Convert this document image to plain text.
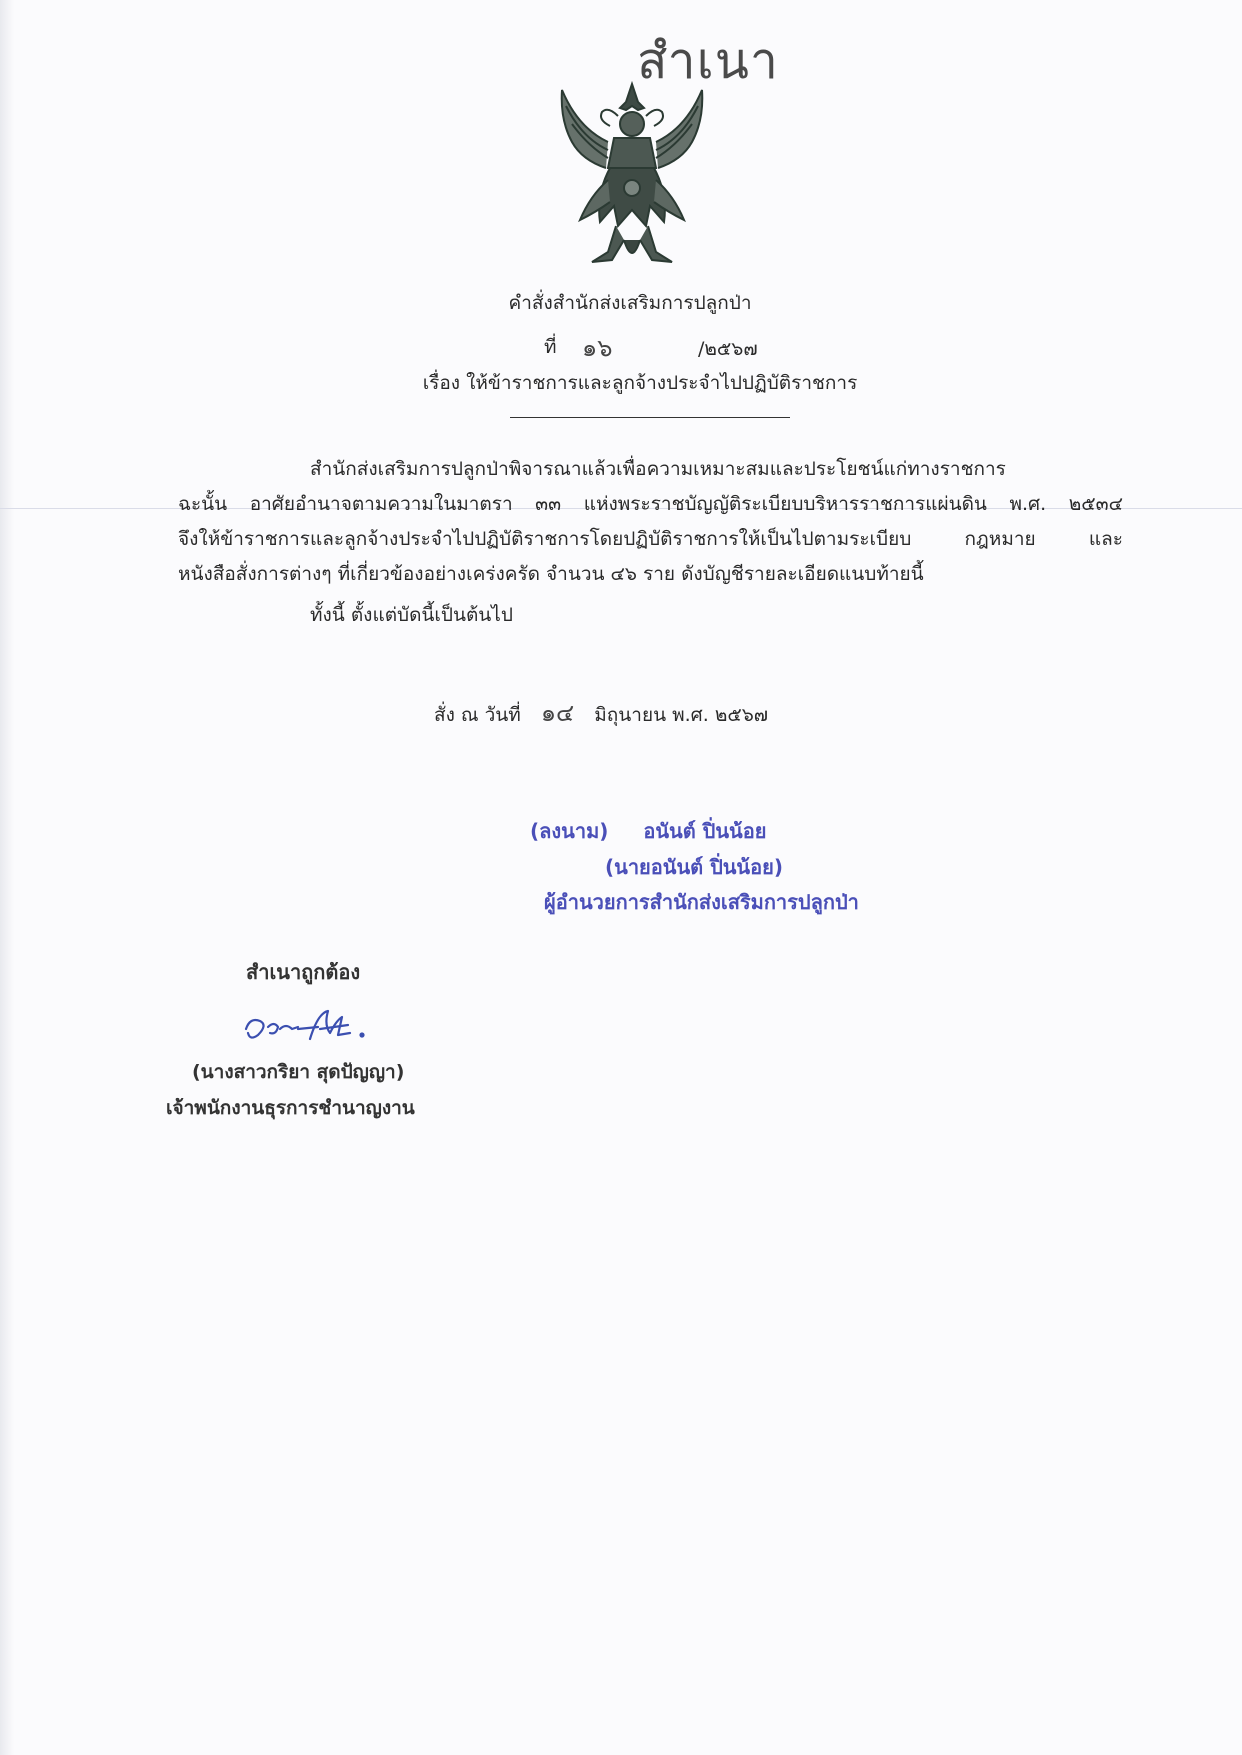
สำเนา
คำสั่งสำนักส่งเสริมการปลูกป่า
ที่ ๑๖	/๒๕๖๗
เรื่อง ให้ข้าราชการและลูกจ้างประจำไปปฏิบัติราชการ

สำนักส่งเสริมการปลูกป่าพิจารณาแล้วเพื่อความเหมาะสมและประโยชน์แก่ทางราชการ

ฉะนั้น อาศัยอำนาจตามความในมาตรา ๓๓ แห่งพระราชบัญญัติระเบียบบริหารราชการแผ่นดิน พ.ศ. ๒๕๓๔

จึงให้ข้าราชการและลูกจ้างประจำไปปฏิบัติราชการโดยปฏิบัติราชการให้เป็นไปตามระเบียบ กฎหมาย และ

หนังสือสั่งการต่างๆ ที่เกี่ยวข้องอย่างเคร่งครัด จำนวน ๔๖ ราย ดังบัญชีรายละเอียดแนบท้ายนี้

ทั้งนี้ ตั้งแต่บัดนี้เป็นต้นไป

สั่ง ณ วันที่ ๑๔ มิถุนายน พ.ศ. ๒๕๖๗
(ลงนาม) อนันต์ ปิ่นน้อย
(นายอนันต์ ปิ่นน้อย)
ผู้อำนวยการสำนักส่งเสริมการปลูกป่า
สำเนาถูกต้อง
(นางสาวกริยา สุดปัญญา)
เจ้าพนักงานธุรการชำนาญงาน
